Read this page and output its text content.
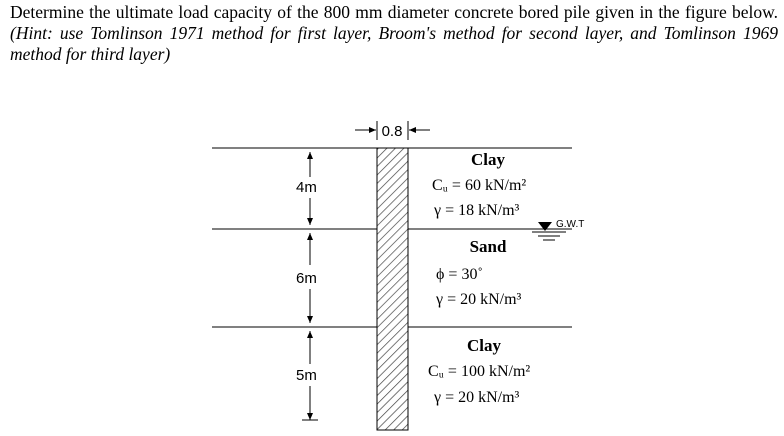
Determine the ultimate load capacity of the 800 mm diameter concrete bored pile given in the figure below. (Hint: use Tomlinson 1971 method for first layer, Broom's method for second layer, and Tomlinson 1969 method for third layer)
0.8
4m
6m
5m
G.W.T
Clay
Cᵤ = 60 kN/m²
γ = 18 kN/m³
Sand
ϕ = 30˚
γ = 20 kN/m³
Clay
Cᵤ = 100 kN/m²
γ = 20 kN/m³
